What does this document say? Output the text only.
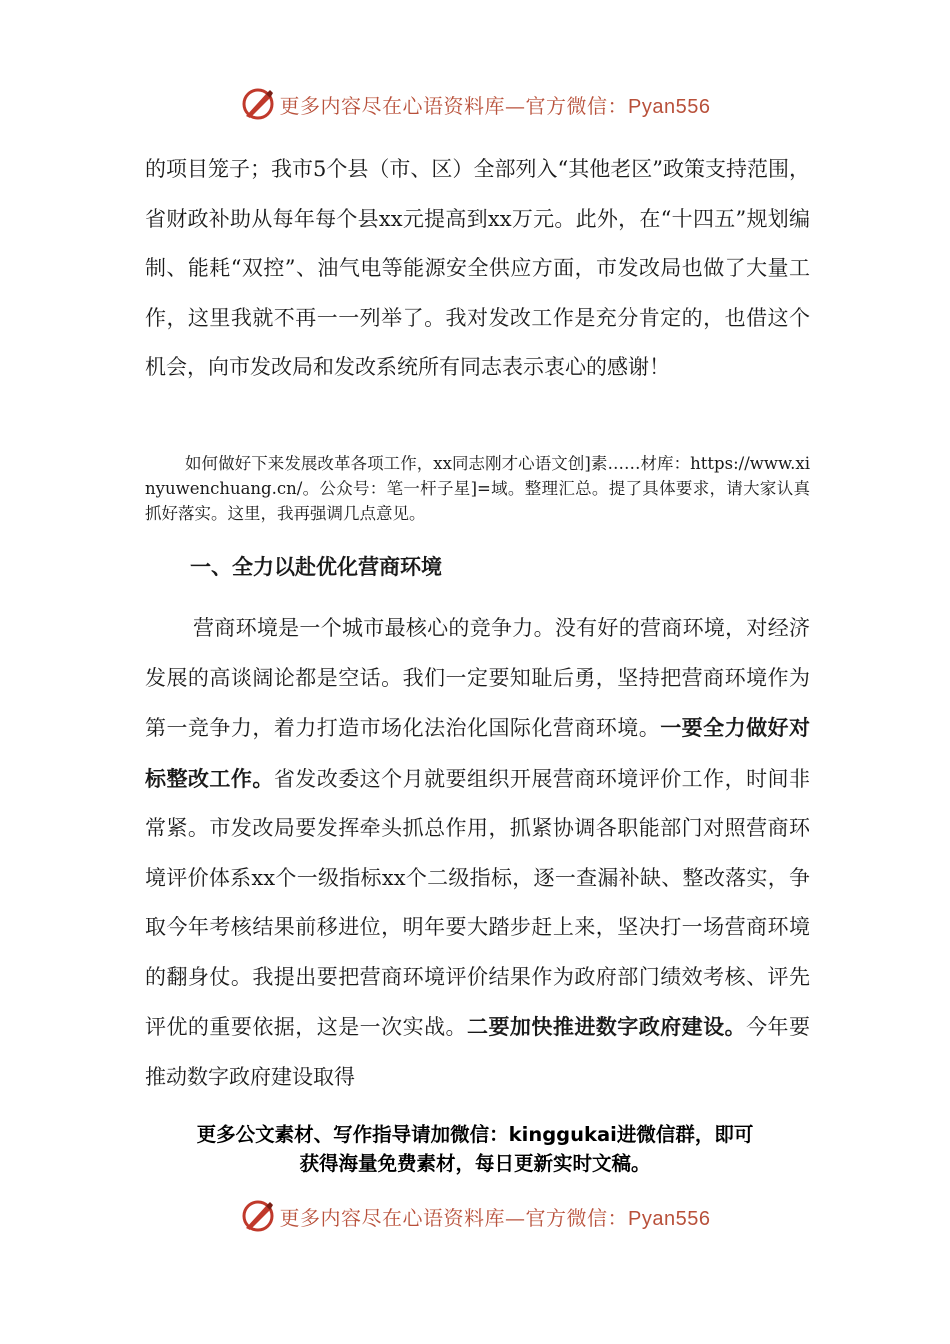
更多内容尽在心语资料库—官方微信：Pyan556

的项目笼子；我市5个县（市、区）全部列入“其他老区”政策支持范围，省财政补助从每年每个县xx元提高到xx万元。此外，在“十四五”规划编制、能耗“双控”、油气电等能源安全供应方面，市发改局也做了大量工作，这里我就不再一一列举了。我对发改工作是充分肯定的，也借这个机会，向市发改局和发改系统所有同志表示衷心的感谢！

如何做好下来发展改革各项工作，xx同志刚才心语文创]素……材库：https://www.xinyuwenchuang.cn/。公众号：笔一杆子星]=域。整理汇总。提了具体要求，请大家认真抓好落实。这里，我再强调几点意见。

一、全力以赴优化营商环境

营商环境是一个城市最核心的竞争力。没有好的营商环境，对经济发展的高谈阔论都是空话。我们一定要知耻后勇，坚持把营商环境作为第一竞争力，着力打造市场化法治化国际化营商环境。一要全力做好对标整改工作。省发改委这个月就要组织开展营商环境评价工作，时间非常紧。市发改局要发挥牵头抓总作用，抓紧协调各职能部门对照营商环境评价体系xx个一级指标xx个二级指标，逐一查漏补缺、整改落实，争取今年考核结果前移进位，明年要大踏步赶上来，坚决打一场营商环境的翻身仗。我提出要把营商环境评价结果作为政府部门绩效考核、评先评优的重要依据，这是一次实战。二要加快推进数字政府建设。今年要推动数字政府建设取得

更多公文素材、写作指导请加微信：kinggukai进微信群，即可
获得海量免费素材，每日更新实时文稿。
更多内容尽在心语资料库—官方微信：Pyan556
